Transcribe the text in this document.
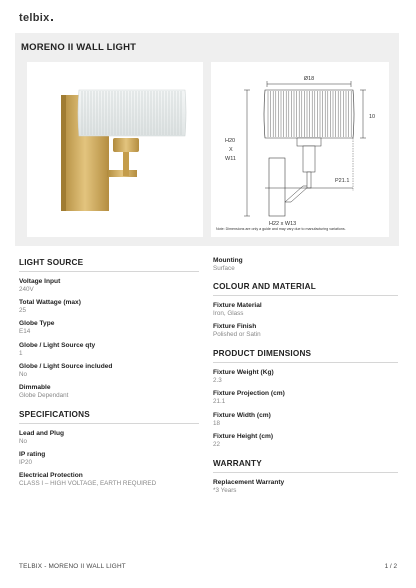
telbix
MORENO II WALL LIGHT
Ø18
10
H20
X
W11
P21.1
H22 x W13
Note: Dimensions are only a guide and may vary due to manufacturing variations.
LIGHT SOURCE
Voltage Input
240V
Total Wattage (max)
25
Globe Type
E14
Globe / Light Source qty
1
Globe / Light Source included
No
Dimmable
Globe Dependant
SPECIFICATIONS
Lead and Plug
No
IP rating
IP20
Electrical Protection
CLASS I – HIGH VOLTAGE, EARTH REQUIRED
Mounting
Surface
COLOUR AND MATERIAL
Fixture Material
Iron, Glass
Fixture Finish
Polished or Satin
PRODUCT DIMENSIONS
Fixture Weight (Kg)
2.3
Fixture Projection (cm)
21.1
Fixture Width (cm)
18
Fixture Height (cm)
22
WARRANTY
Replacement Warranty
*3 Years
TELBIX - MORENO II WALL LIGHT	1 / 2
